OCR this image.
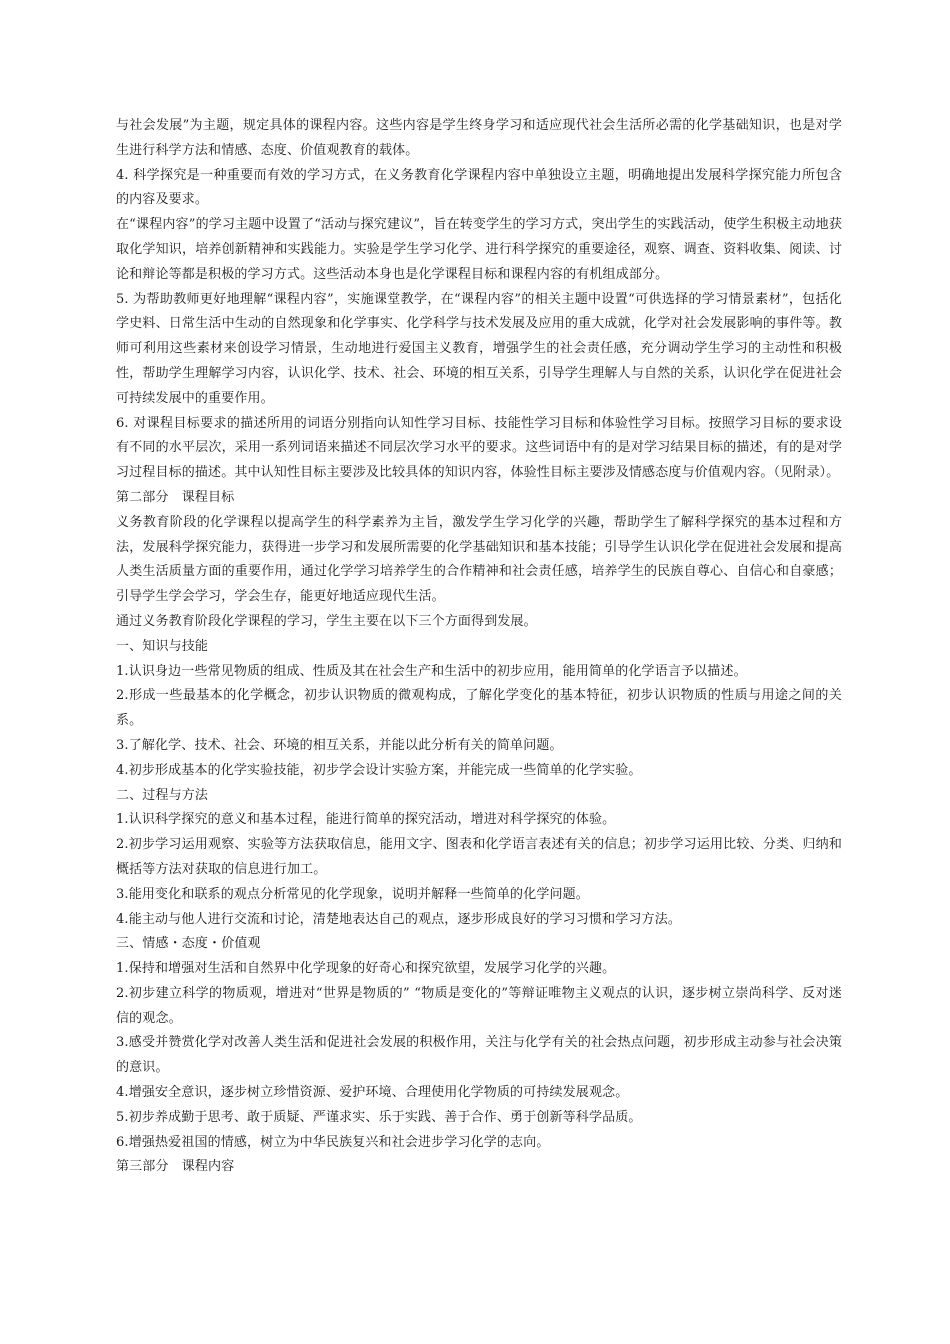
与社会发展”为主题，规定具体的课程内容。这些内容是学生终身学习和适应现代社会生活所必需的化学基础知识，也是对学生进行科学方法和情感、态度、价值观教育的载体。

4. 科学探究是一种重要而有效的学习方式，在义务教育化学课程内容中单独设立主题，明确地提出发展科学探究能力所包含的内容及要求。

在“课程内容”的学习主题中设置了“活动与探究建议”，旨在转变学生的学习方式，突出学生的实践活动，使学生积极主动地获取化学知识，培养创新精神和实践能力。实验是学生学习化学、进行科学探究的重要途径，观察、调查、资料收集、阅读、讨论和辩论等都是积极的学习方式。这些活动本身也是化学课程目标和课程内容的有机组成部分。

5. 为帮助教师更好地理解“课程内容”，实施课堂教学，在“课程内容”的相关主题中设置“可供选择的学习情景素材”，包括化学史料、日常生活中生动的自然现象和化学事实、化学科学与技术发展及应用的重大成就，化学对社会发展影响的事件等。教师可利用这些素材来创设学习情景，生动地进行爱国主义教育，增强学生的社会责任感，充分调动学生学习的主动性和积极性，帮助学生理解学习内容，认识化学、技术、社会、环境的相互关系，引导学生理解人与自然的关系，认识化学在促进社会可持续发展中的重要作用。

6. 对课程目标要求的描述所用的词语分别指向认知性学习目标、技能性学习目标和体验性学习目标。按照学习目标的要求设有不同的水平层次，采用一系列词语来描述不同层次学习水平的要求。这些词语中有的是对学习结果目标的描述，有的是对学习过程目标的描述。其中认知性目标主要涉及比较具体的知识内容，体验性目标主要涉及情感态度与价值观内容。（见附录）。

第二部分　课程目标

义务教育阶段的化学课程以提高学生的科学素养为主旨，激发学生学习化学的兴趣，帮助学生了解科学探究的基本过程和方法，发展科学探究能力，获得进一步学习和发展所需要的化学基础知识和基本技能；引导学生认识化学在促进社会发展和提高人类生活质量方面的重要作用，通过化学学习培养学生的合作精神和社会责任感，培养学生的民族自尊心、自信心和自豪感；引导学生学会学习，学会生存，能更好地适应现代生活。

通过义务教育阶段化学课程的学习，学生主要在以下三个方面得到发展。

一、知识与技能

1.认识身边一些常见物质的组成、性质及其在社会生产和生活中的初步应用，能用简单的化学语言予以描述。

2.形成一些最基本的化学概念，初步认识物质的微观构成，了解化学变化的基本特征，初步认识物质的性质与用途之间的关系。

3.了解化学、技术、社会、环境的相互关系，并能以此分析有关的简单问题。

4.初步形成基本的化学实验技能，初步学会设计实验方案，并能完成一些简单的化学实验。

二、过程与方法

1.认识科学探究的意义和基本过程，能进行简单的探究活动，增进对科学探究的体验。

2.初步学习运用观察、实验等方法获取信息，能用文字、图表和化学语言表述有关的信息；初步学习运用比较、分类、归纳和概括等方法对获取的信息进行加工。

3.能用变化和联系的观点分析常见的化学现象，说明并解释一些简单的化学问题。

4.能主动与他人进行交流和讨论，清楚地表达自己的观点，逐步形成良好的学习习惯和学习方法。

三、情感・态度・价值观

1.保持和增强对生活和自然界中化学现象的好奇心和探究欲望，发展学习化学的兴趣。

2.初步建立科学的物质观，增进对“世界是物质的” “物质是变化的”等辩证唯物主义观点的认识，逐步树立崇尚科学、反对迷信的观念。

3.感受并赞赏化学对改善人类生活和促进社会发展的积极作用，关注与化学有关的社会热点问题，初步形成主动参与社会决策的意识。

4.增强安全意识，逐步树立珍惜资源、爱护环境、合理使用化学物质的可持续发展观念。

5.初步养成勤于思考、敢于质疑、严谨求实、乐于实践、善于合作、勇于创新等科学品质。

6.增强热爱祖国的情感，树立为中华民族复兴和社会进步学习化学的志向。

第三部分　课程内容
